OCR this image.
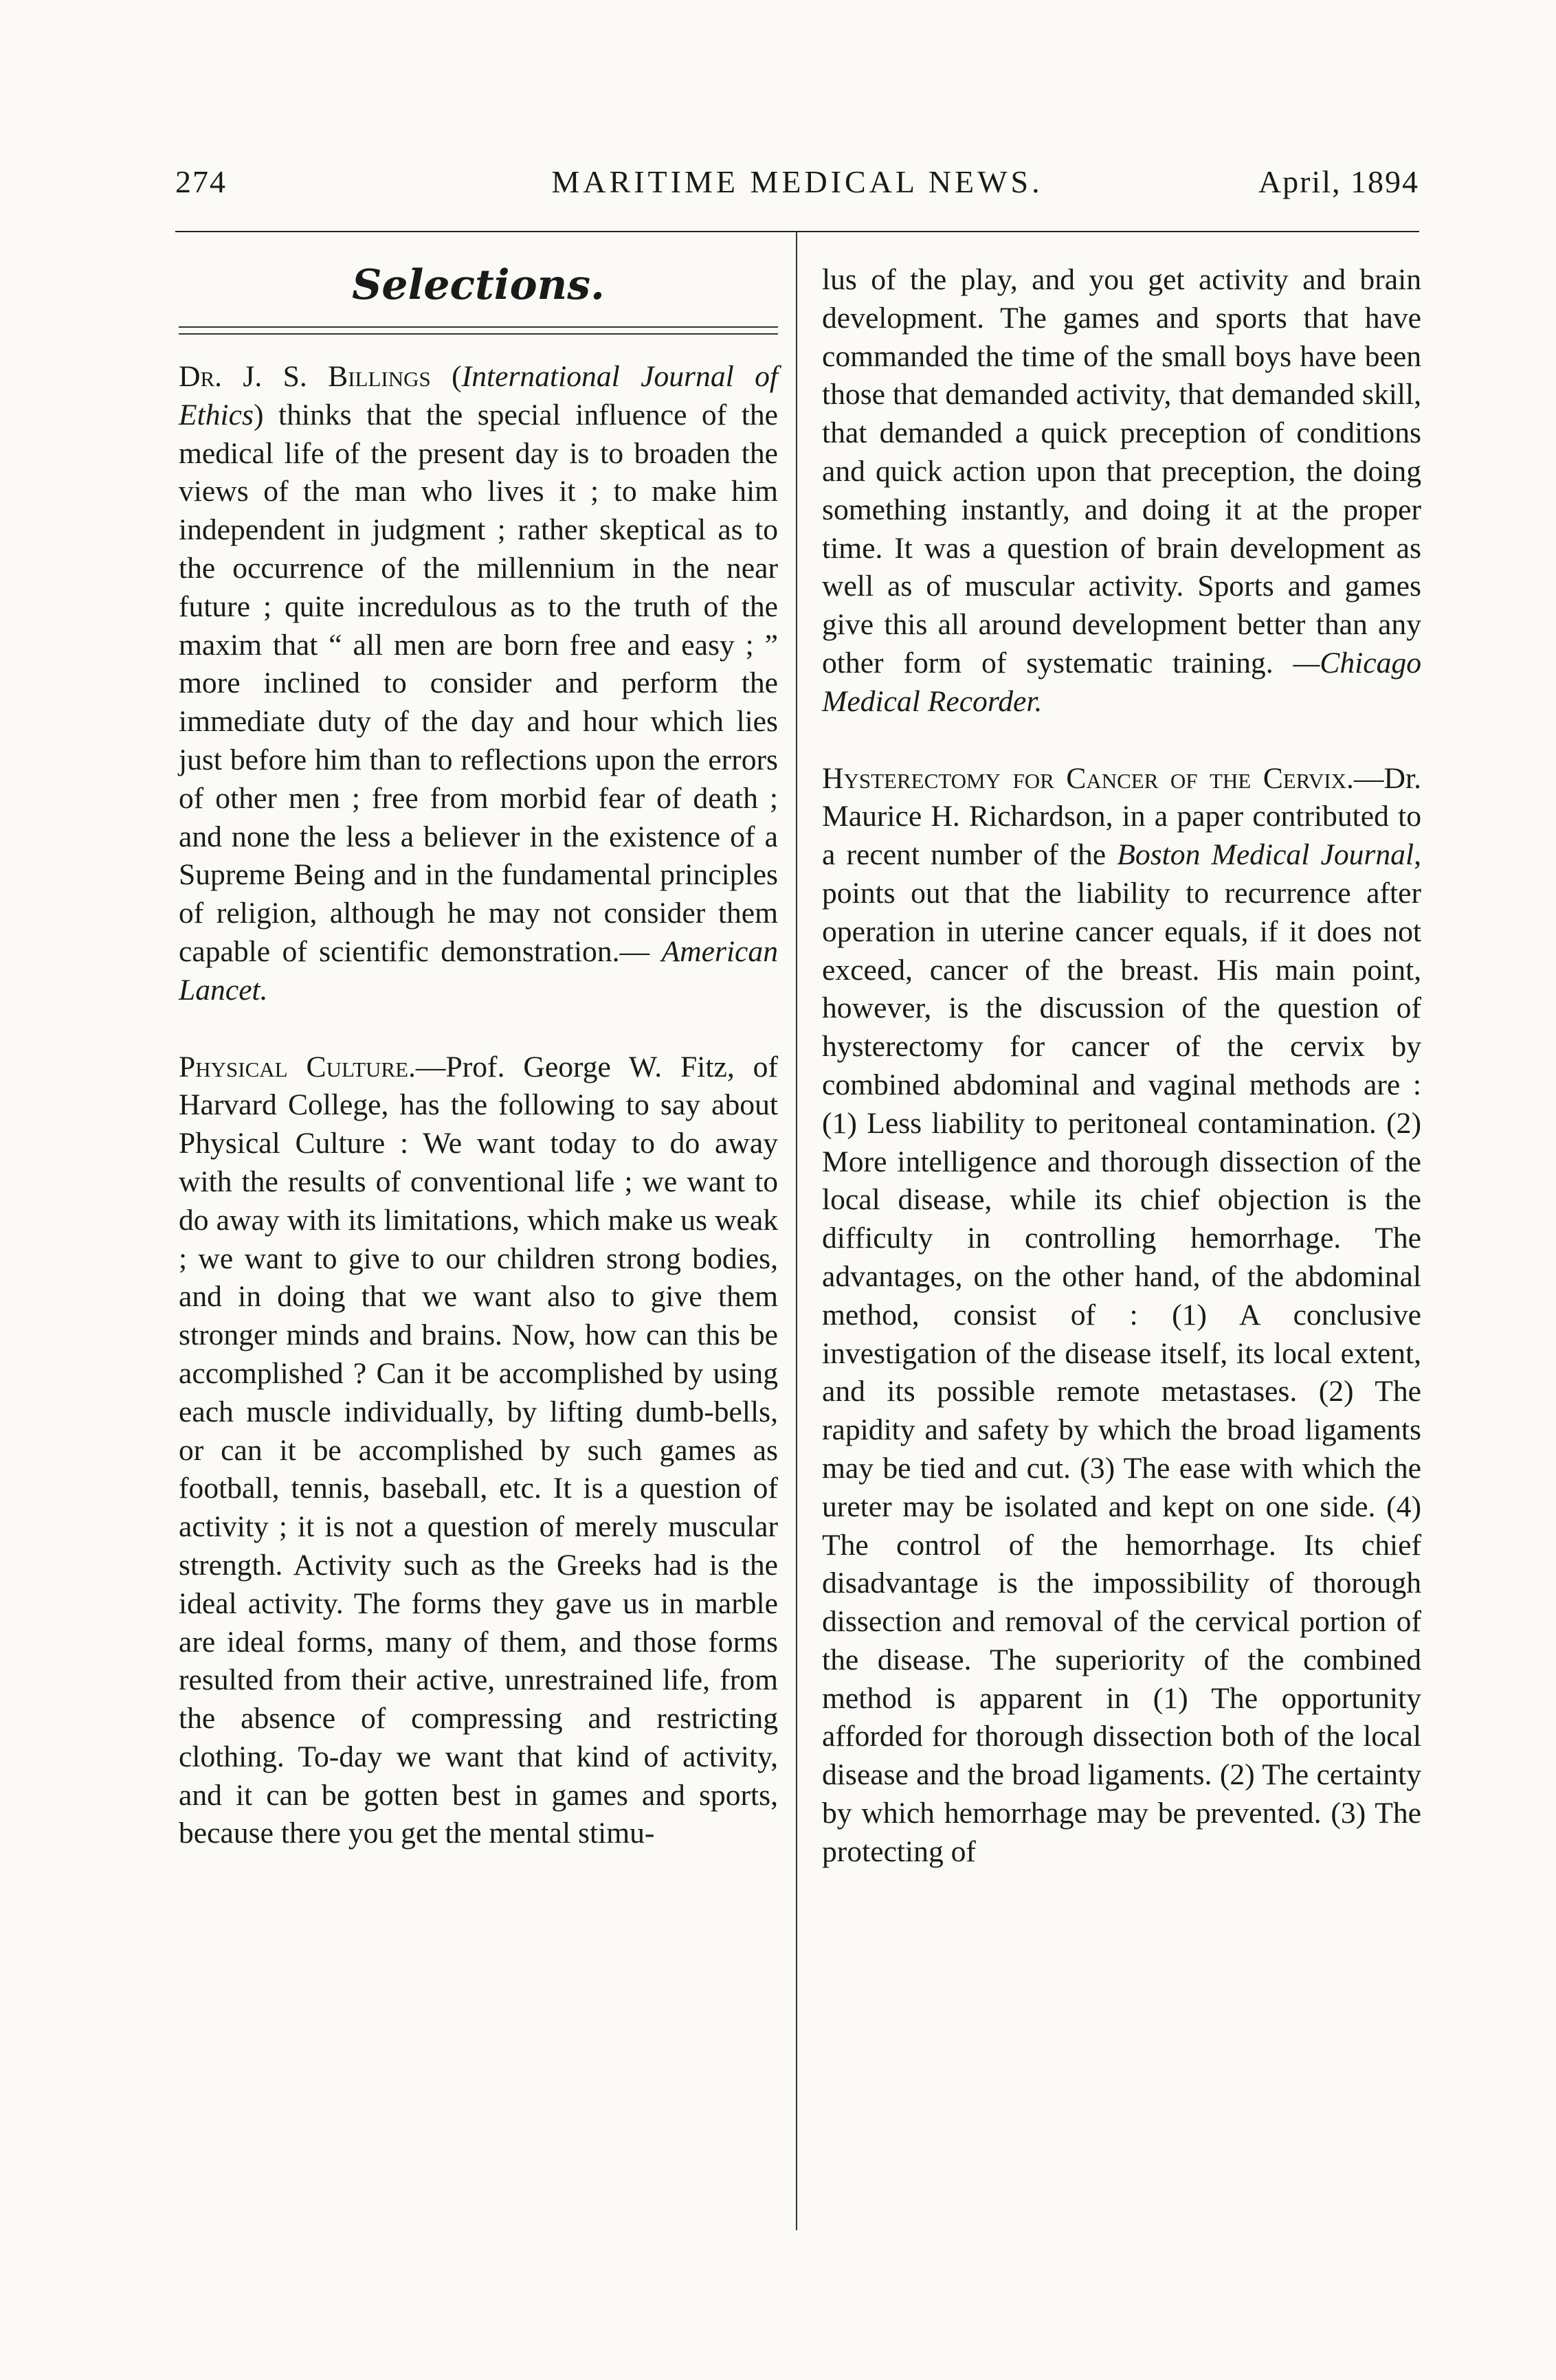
274	MARITIME MEDICAL NEWS.	April, 1894
Selections.

Dr. J. S. Billings (International Journal of Ethics) thinks that the special influence of the medical life of the present day is to broaden the views of the man who lives it ; to make him independent in judgment ; rather skeptical as to the occurrence of the millennium in the near future ; quite incredulous as to the truth of the maxim that “ all men are born free and easy ; ” more inclined to consider and perform the immediate duty of the day and hour which lies just before him than to reflections upon the errors of other men ; free from morbid fear of death ; and none the less a believer in the existence of a Supreme Being and in the fundamental principles of religion, although he may not consider them capable of scientific demonstration.— American Lancet.

Physical Culture.—Prof. George W. Fitz, of Harvard College, has the following to say about Physical Culture : We want today to do away with the results of conventional life ; we want to do away with its limitations, which make us weak ; we want to give to our children strong bodies, and in doing that we want also to give them stronger minds and brains. Now, how can this be accomplished ? Can it be accomplished by using each muscle individually, by lifting dumb-bells, or can it be accomplished by such games as football, tennis, baseball, etc. It is a question of activity ; it is not a question of merely muscular strength. Activity such as the Greeks had is the ideal activity. The forms they gave us in marble are ideal forms, many of them, and those forms resulted from their active, unrestrained life, from the absence of compressing and restricting clothing. To-day we want that kind of activity, and it can be gotten best in games and sports, because there you get the mental stimu-

lus of the play, and you get activity and brain development. The games and sports that have commanded the time of the small boys have been those that demanded activity, that demanded skill, that demanded a quick preception of conditions and quick action upon that preception, the doing something instantly, and doing it at the proper time. It was a question of brain development as well as of muscular activity. Sports and games give this all around development better than any other form of systematic training. —Chicago Medical Recorder.

Hysterectomy for Cancer of the Cervix.—Dr. Maurice H. Richardson, in a paper contributed to a recent number of the Boston Medical Journal, points out that the liability to recurrence after operation in uterine cancer equals, if it does not exceed, cancer of the breast. His main point, however, is the discussion of the question of hysterectomy for cancer of the cervix by combined abdominal and vaginal methods are : (1) Less liability to peritoneal contamination. (2) More intelligence and thorough dissection of the local disease, while its chief objection is the difficulty in controlling hemorrhage. The advantages, on the other hand, of the abdominal method, consist of : (1) A conclusive investigation of the disease itself, its local extent, and its possible remote metastases. (2) The rapidity and safety by which the broad ligaments may be tied and cut. (3) The ease with which the ureter may be isolated and kept on one side. (4) The control of the hemorrhage. Its chief disadvantage is the impossibility of thorough dissection and removal of the cervical portion of the disease. The superiority of the combined method is apparent in (1) The opportunity afforded for thorough dissection both of the local disease and the broad ligaments. (2) The certainty by which hemorrhage may be prevented. (3) The protecting of
